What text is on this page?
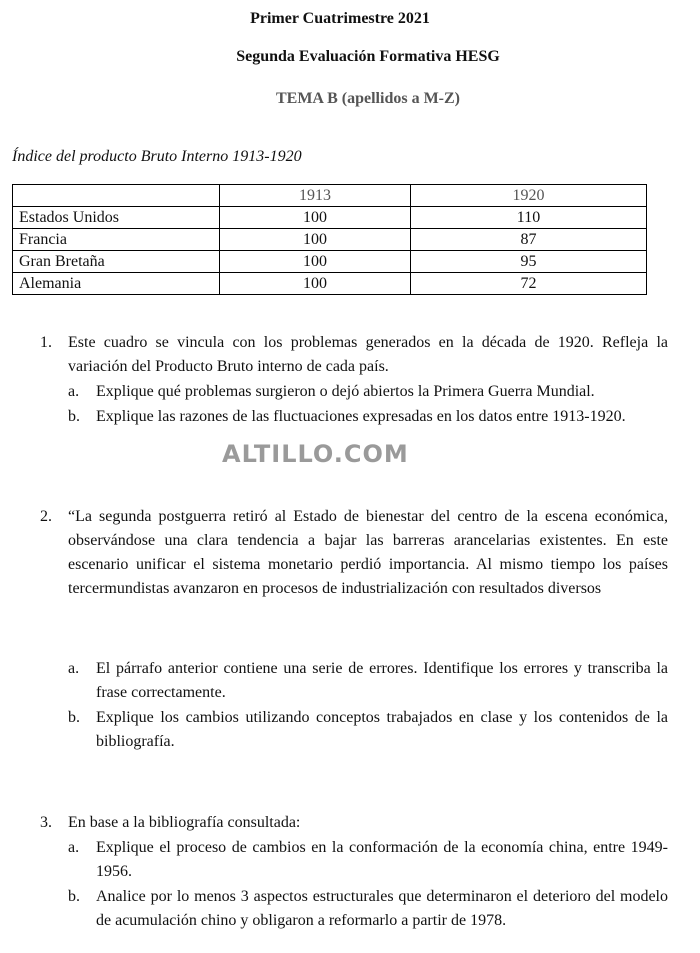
Primer Cuatrimestre 2021
Segunda Evaluación Formativa HESG
TEMA B (apellidos a M-Z)
Índice del producto Bruto Interno 1913-1920
	1913	1920
Estados Unidos	100	110
Francia	100	87
Gran Bretaña	100	95
Alemania	100	72
1. Este cuadro se vincula con los problemas generados en la década de 1920. Refleja la variación del Producto Bruto interno de cada país.
a. Explique qué problemas surgieron o dejó abiertos la Primera Guerra Mundial.
b. Explique las razones de las fluctuaciones expresadas en los datos entre 1913-1920.
ALTILLO.COM
2. “La segunda postguerra retiró al Estado de bienestar del centro de la escena económica, observándose una clara tendencia a bajar las barreras arancelarias existentes. En este escenario unificar el sistema monetario perdió importancia. Al mismo tiempo los países tercermundistas avanzaron en procesos de industrialización con resultados diversos
a. El párrafo anterior contiene una serie de errores. Identifique los errores y transcriba la frase correctamente.
b. Explique los cambios utilizando conceptos trabajados en clase y los contenidos de la bibliografía.
3. En base a la bibliografía consultada:
a. Explique el proceso de cambios en la conformación de la economía china, entre 1949-1956.
b. Analice por lo menos 3 aspectos estructurales que determinaron el deterioro del modelo de acumulación chino y obligaron a reformarlo a partir de 1978.
